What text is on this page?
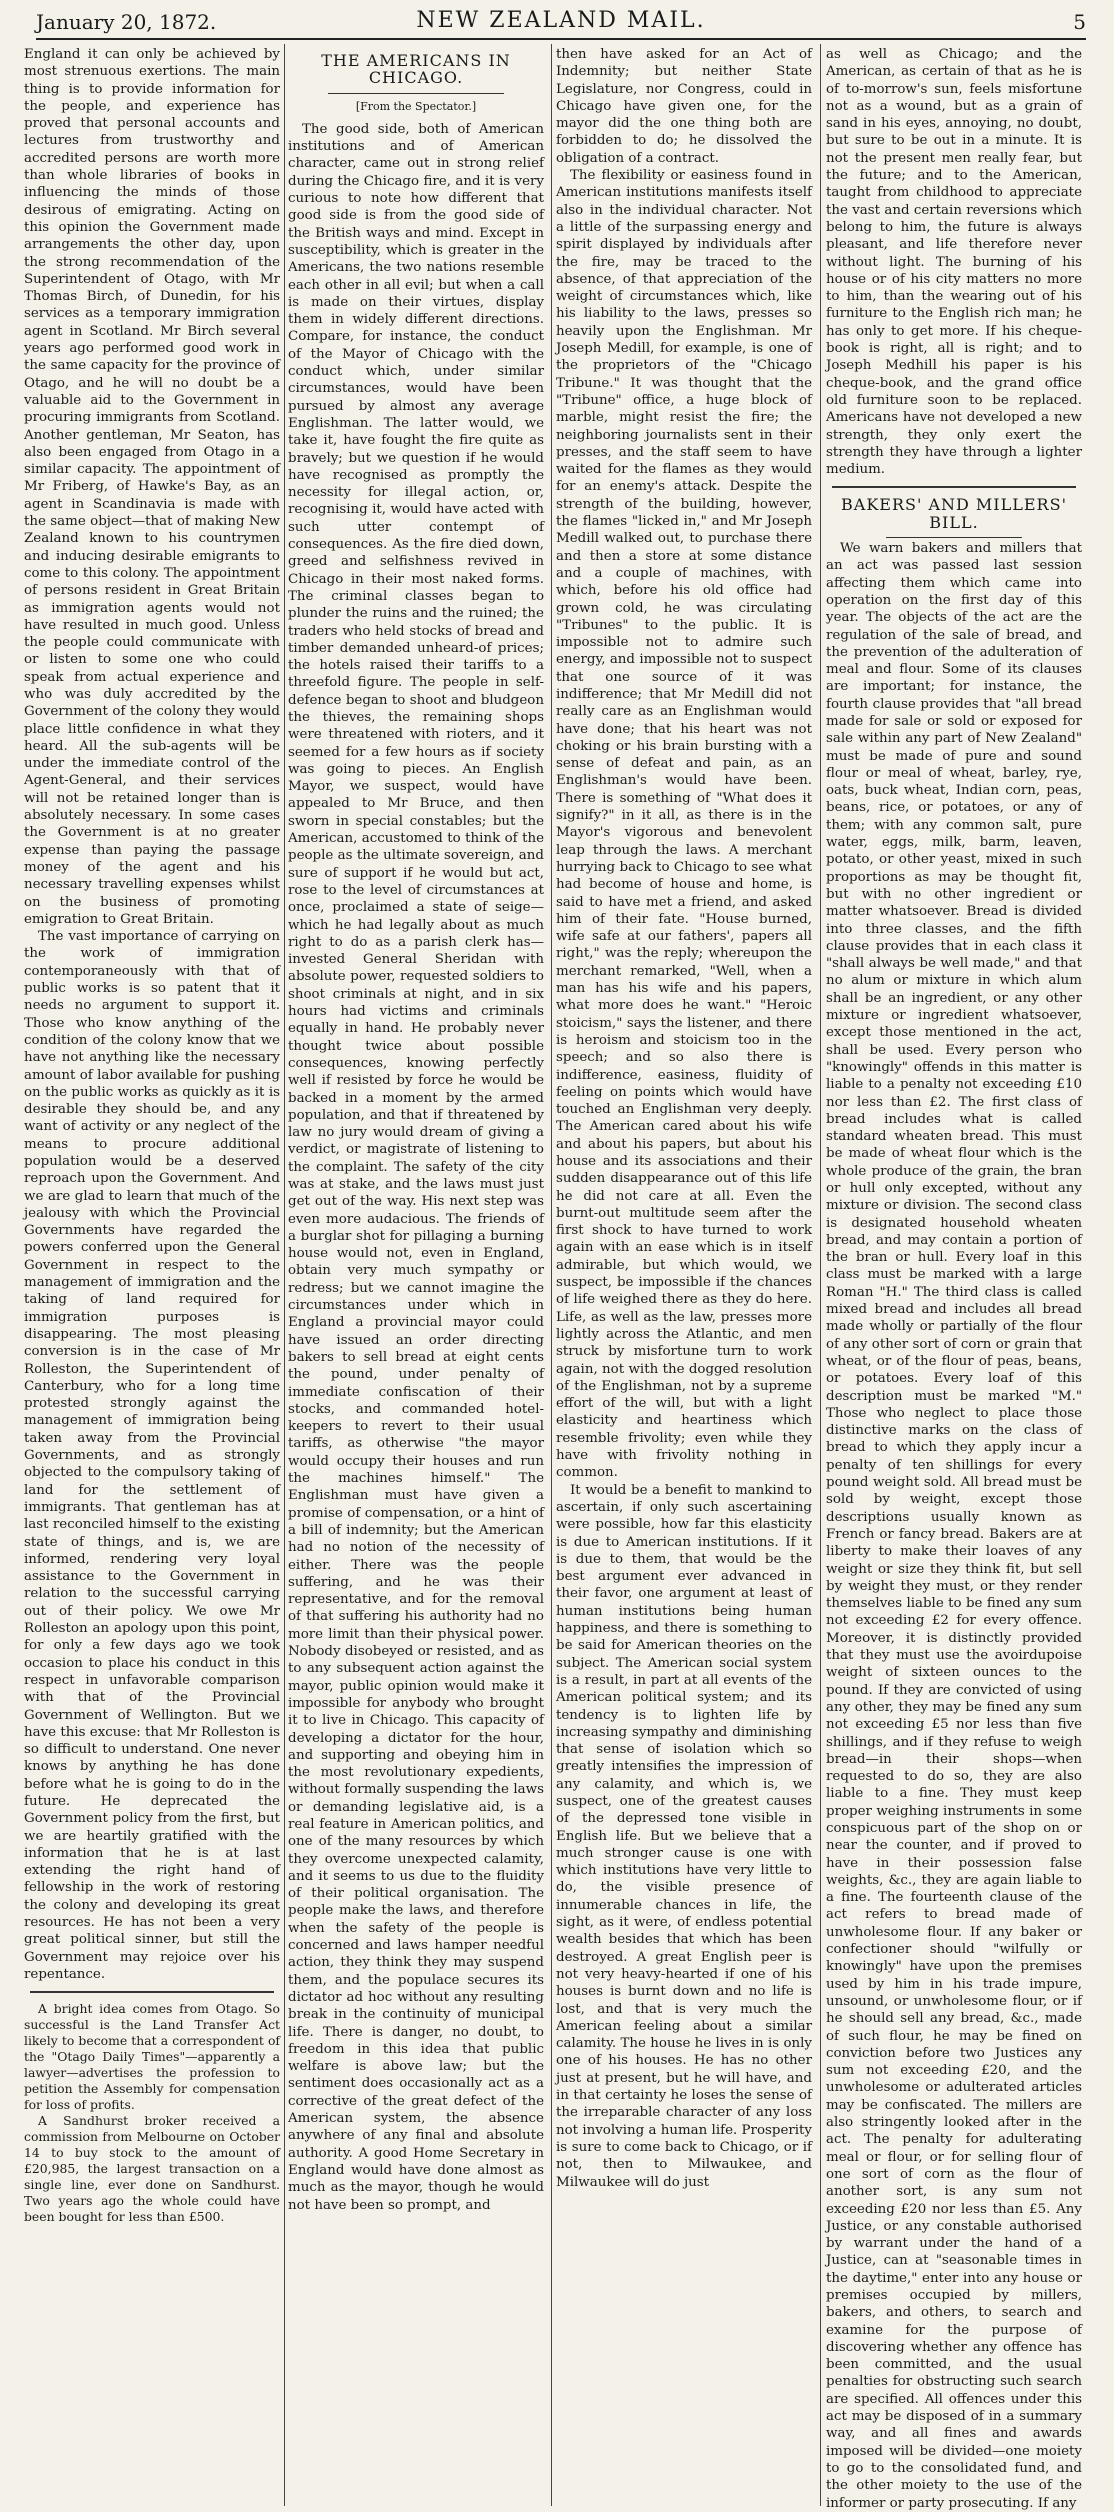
January 20, 1872.	NEW ZEALAND MAIL.	5

England it can only be achieved by most strenuous exertions. The main thing is to provide information for the people, and experience has proved that personal accounts and lectures from trustworthy and accredited persons are worth more than whole libraries of books in influencing the minds of those desirous of emigrating. Acting on this opinion the Government made arrangements the other day, upon the strong recommendation of the Superintendent of Otago, with Mr Thomas Birch, of Dunedin, for his services as a temporary immigration agent in Scotland. Mr Birch several years ago performed good work in the same capacity for the province of Otago, and he will no doubt be a valuable aid to the Government in procuring immigrants from Scotland. Another gentleman, Mr Seaton, has also been engaged from Otago in a similar capacity. The appointment of Mr Friberg, of Hawke's Bay, as an agent in Scandinavia is made with the same object—that of making New Zealand known to his countrymen and inducing desirable emigrants to come to this colony. The appointment of persons resident in Great Britain as immigration agents would not have resulted in much good. Unless the people could communicate with or listen to some one who could speak from actual experience and who was duly accredited by the Government of the colony they would place little confidence in what they heard. All the sub-agents will be under the immediate control of the Agent-General, and their services will not be retained longer than is absolutely necessary. In some cases the Government is at no greater expense than paying the passage money of the agent and his necessary travelling expenses whilst on the business of promoting emigration to Great Britain.

The vast importance of carrying on the work of immigration contemporaneously with that of public works is so patent that it needs no argument to support it. Those who know anything of the condition of the colony know that we have not anything like the necessary amount of labor available for pushing on the public works as quickly as it is desirable they should be, and any want of activity or any neglect of the means to procure additional population would be a deserved reproach upon the Government. And we are glad to learn that much of the jealousy with which the Provincial Governments have regarded the powers conferred upon the General Government in respect to the management of immigration and the taking of land required for immigration purposes is disappearing. The most pleasing conversion is in the case of Mr Rolleston, the Superintendent of Canterbury, who for a long time protested strongly against the management of immigration being taken away from the Provincial Governments, and as strongly objected to the compulsory taking of land for the settlement of immigrants. That gentleman has at last reconciled himself to the existing state of things, and is, we are informed, rendering very loyal assistance to the Government in relation to the successful carrying out of their policy. We owe Mr Rolleston an apology upon this point, for only a few days ago we took occasion to place his conduct in this respect in unfavorable comparison with that of the Provincial Government of Wellington. But we have this excuse: that Mr Rolleston is so difficult to understand. One never knows by anything he has done before what he is going to do in the future. He deprecated the Government policy from the first, but we are heartily gratified with the information that he is at last extending the right hand of fellowship in the work of restoring the colony and developing its great resources. He has not been a very great political sinner, but still the Government may rejoice over his repentance.

A bright idea comes from Otago. So successful is the Land Transfer Act likely to become that a correspondent of the "Otago Daily Times"—apparently a lawyer—advertises the profession to petition the Assembly for compensation for loss of profits.

A Sandhurst broker received a commission from Melbourne on October 14 to buy stock to the amount of £20,985, the largest transaction on a single line, ever done on Sandhurst. Two years ago the whole could have been bought for less than £500.

THE AMERICANS IN CHICAGO.

[From the Spectator.]

The good side, both of American institutions and of American character, came out in strong relief during the Chicago fire, and it is very curious to note how different that good side is from the good side of the British ways and mind. Except in susceptibility, which is greater in the Americans, the two nations resemble each other in all evil; but when a call is made on their virtues, display them in widely different directions. Compare, for instance, the conduct of the Mayor of Chicago with the conduct which, under similar circumstances, would have been pursued by almost any average Englishman. The latter would, we take it, have fought the fire quite as bravely; but we question if he would have recognised as promptly the necessity for illegal action, or, recognising it, would have acted with such utter contempt of consequences. As the fire died down, greed and selfishness revived in Chicago in their most naked forms. The criminal classes began to plunder the ruins and the ruined; the traders who held stocks of bread and timber demanded unheard-of prices; the hotels raised their tariffs to a threefold figure. The people in self-defence began to shoot and bludgeon the thieves, the remaining shops were threatened with rioters, and it seemed for a few hours as if society was going to pieces. An English Mayor, we suspect, would have appealed to Mr Bruce, and then sworn in special constables; but the American, accustomed to think of the people as the ultimate sovereign, and sure of support if he would but act, rose to the level of circumstances at once, proclaimed a state of seige—which he had legally about as much right to do as a parish clerk has—invested General Sheridan with absolute power, requested soldiers to shoot criminals at night, and in six hours had victims and criminals equally in hand. He probably never thought twice about possible consequences, knowing perfectly well if resisted by force he would be backed in a moment by the armed population, and that if threatened by law no jury would dream of giving a verdict, or magistrate of listening to the complaint. The safety of the city was at stake, and the laws must just get out of the way. His next step was even more audacious. The friends of a burglar shot for pillaging a burning house would not, even in England, obtain very much sympathy or redress; but we cannot imagine the circumstances under which in England a provincial mayor could have issued an order directing bakers to sell bread at eight cents the pound, under penalty of immediate confiscation of their stocks, and commanded hotel-keepers to revert to their usual tariffs, as otherwise "the mayor would occupy their houses and run the machines himself." The Englishman must have given a promise of compensation, or a hint of a bill of indemnity; but the American had no notion of the necessity of either. There was the people suffering, and he was their representative, and for the removal of that suffering his authority had no more limit than their physical power. Nobody disobeyed or resisted, and as to any subsequent action against the mayor, public opinion would make it impossible for anybody who brought it to live in Chicago. This capacity of developing a dictator for the hour, and supporting and obeying him in the most revolutionary expedients, without formally suspending the laws or demanding legislative aid, is a real feature in American politics, and one of the many resources by which they overcome unexpected calamity, and it seems to us due to the fluidity of their political organisation. The people make the laws, and therefore when the safety of the people is concerned and laws hamper needful action, they think they may suspend them, and the populace secures its dictator ad hoc without any resulting break in the continuity of municipal life. There is danger, no doubt, to freedom in this idea that public welfare is above law; but the sentiment does occasionally act as a corrective of the great defect of the American system, the absence anywhere of any final and absolute authority. A good Home Secretary in England would have done almost as much as the mayor, though he would not have been so prompt, and

then have asked for an Act of Indemnity; but neither State Legislature, nor Congress, could in Chicago have given one, for the mayor did the one thing both are forbidden to do; he dissolved the obligation of a contract.

The flexibility or easiness found in American institutions manifests itself also in the individual character. Not a little of the surpassing energy and spirit displayed by individuals after the fire, may be traced to the absence, of that appreciation of the weight of circumstances which, like his liability to the laws, presses so heavily upon the Englishman. Mr Joseph Medill, for example, is one of the proprietors of the "Chicago Tribune." It was thought that the "Tribune" office, a huge block of marble, might resist the fire; the neighboring journalists sent in their presses, and the staff seem to have waited for the flames as they would for an enemy's attack. Despite the strength of the building, however, the flames "licked in," and Mr Joseph Medill walked out, to purchase there and then a store at some distance and a couple of machines, with which, before his old office had grown cold, he was circulating "Tribunes" to the public. It is impossible not to admire such energy, and impossible not to suspect that one source of it was indifference; that Mr Medill did not really care as an Englishman would have done; that his heart was not choking or his brain bursting with a sense of defeat and pain, as an Englishman's would have been. There is something of "What does it signify?" in it all, as there is in the Mayor's vigorous and benevolent leap through the laws. A merchant hurrying back to Chicago to see what had become of house and home, is said to have met a friend, and asked him of their fate. "House burned, wife safe at our fathers', papers all right," was the reply; whereupon the merchant remarked, "Well, when a man has his wife and his papers, what more does he want." "Heroic stoicism," says the listener, and there is heroism and stoicism too in the speech; and so also there is indifference, easiness, fluidity of feeling on points which would have touched an Englishman very deeply. The American cared about his wife and about his papers, but about his house and its associations and their sudden disappearance out of this life he did not care at all. Even the burnt-out multitude seem after the first shock to have turned to work again with an ease which is in itself admirable, but which would, we suspect, be impossible if the chances of life weighed there as they do here. Life, as well as the law, presses more lightly across the Atlantic, and men struck by misfortune turn to work again, not with the dogged resolution of the Englishman, not by a supreme effort of the will, but with a light elasticity and heartiness which resemble frivolity; even while they have with frivolity nothing in common.

It would be a benefit to mankind to ascertain, if only such ascertaining were possible, how far this elasticity is due to American institutions. If it is due to them, that would be the best argument ever advanced in their favor, one argument at least of human institutions being human happiness, and there is something to be said for American theories on the subject. The American social system is a result, in part at all events of the American political system; and its tendency is to lighten life by increasing sympathy and diminishing that sense of isolation which so greatly intensifies the impression of any calamity, and which is, we suspect, one of the greatest causes of the depressed tone visible in English life. But we believe that a much stronger cause is one with which institutions have very little to do, the visible presence of innumerable chances in life, the sight, as it were, of endless potential wealth besides that which has been destroyed. A great English peer is not very heavy-hearted if one of his houses is burnt down and no life is lost, and that is very much the American feeling about a similar calamity. The house he lives in is only one of his houses. He has no other just at present, but he will have, and in that certainty he loses the sense of the irreparable character of any loss not involving a human life. Prosperity is sure to come back to Chicago, or if not, then to Milwaukee, and Milwaukee will do just

as well as Chicago; and the American, as certain of that as he is of to-morrow's sun, feels misfortune not as a wound, but as a grain of sand in his eyes, annoying, no doubt, but sure to be out in a minute. It is not the present men really fear, but the future; and to the American, taught from childhood to appreciate the vast and certain reversions which belong to him, the future is always pleasant, and life therefore never without light. The burning of his house or of his city matters no more to him, than the wearing out of his furniture to the English rich man; he has only to get more. If his cheque-book is right, all is right; and to Joseph Medhill his paper is his cheque-book, and the grand office old furniture soon to be replaced. Americans have not developed a new strength, they only exert the strength they have through a lighter medium.

BAKERS' AND MILLERS' BILL.

We warn bakers and millers that an act was passed last session affecting them which came into operation on the first day of this year. The objects of the act are the regulation of the sale of bread, and the prevention of the adulteration of meal and flour. Some of its clauses are important; for instance, the fourth clause provides that "all bread made for sale or sold or exposed for sale within any part of New Zealand" must be made of pure and sound flour or meal of wheat, barley, rye, oats, buck wheat, Indian corn, peas, beans, rice, or potatoes, or any of them; with any common salt, pure water, eggs, milk, barm, leaven, potato, or other yeast, mixed in such proportions as may be thought fit, but with no other ingredient or matter whatsoever. Bread is divided into three classes, and the fifth clause provides that in each class it "shall always be well made," and that no alum or mixture in which alum shall be an ingredient, or any other mixture or ingredient whatsoever, except those mentioned in the act, shall be used. Every person who "knowingly" offends in this matter is liable to a penalty not exceeding £10 nor less than £2. The first class of bread includes what is called standard wheaten bread. This must be made of wheat flour which is the whole produce of the grain, the bran or hull only excepted, without any mixture or division. The second class is designated household wheaten bread, and may contain a portion of the bran or hull. Every loaf in this class must be marked with a large Roman "H." The third class is called mixed bread and includes all bread made wholly or partially of the flour of any other sort of corn or grain that wheat, or of the flour of peas, beans, or potatoes. Every loaf of this description must be marked "M." Those who neglect to place those distinctive marks on the class of bread to which they apply incur a penalty of ten shillings for every pound weight sold. All bread must be sold by weight, except those descriptions usually known as French or fancy bread. Bakers are at liberty to make their loaves of any weight or size they think fit, but sell by weight they must, or they render themselves liable to be fined any sum not exceeding £2 for every offence. Moreover, it is distinctly provided that they must use the avoirdupoise weight of sixteen ounces to the pound. If they are convicted of using any other, they may be fined any sum not exceeding £5 nor less than five shillings, and if they refuse to weigh bread—in their shops—when requested to do so, they are also liable to a fine. They must keep proper weighing instruments in some conspicuous part of the shop on or near the counter, and if proved to have in their possession false weights, &c., they are again liable to a fine. The fourteenth clause of the act refers to bread made of unwholesome flour. If any baker or confectioner should "wilfully or knowingly" have upon the premises used by him in his trade impure, unsound, or unwholesome flour, or if he should sell any bread, &c., made of such flour, he may be fined on conviction before two Justices any sum not exceeding £20, and the unwholesome or adulterated articles may be confiscated. The millers are also stringently looked after in the act. The penalty for adulterating meal or flour, or for selling flour of one sort of corn as the flour of another sort, is any sum not exceeding £20 nor less than £5. Any Justice, or any constable authorised by warrant under the hand of a Justice, can at "seasonable times in the daytime," enter into any house or premises occupied by millers, bakers, and others, to search and examine for the purpose of discovering whether any offence has been committed, and the usual penalties for obstructing such search are specified. All offences under this act may be disposed of in a summary way, and all fines and awards imposed will be divided—one moiety to go to the consolidated fund, and the other moiety to the use of the informer or party prosecuting. If any
